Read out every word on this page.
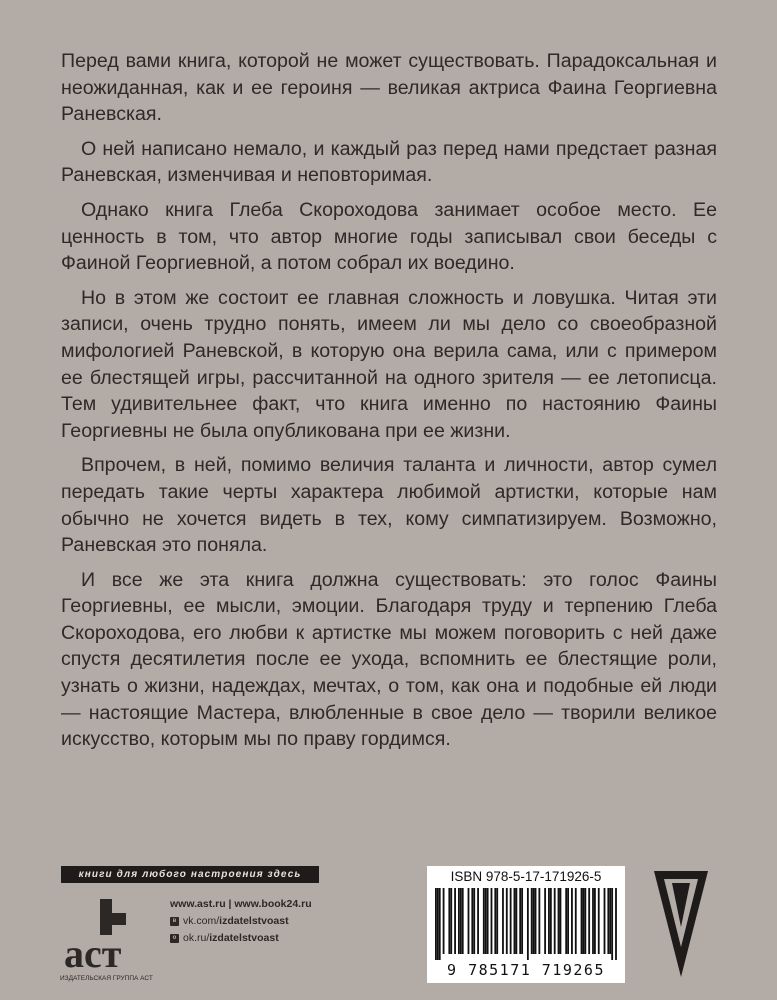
Перед вами книга, которой не может существовать. Парадоксальная и неожиданная, как и ее героиня — великая актриса Фаина Георгиевна Раневская.

О ней написано немало, и каждый раз перед нами предстает разная Раневская, изменчивая и неповторимая.

Однако книга Глеба Скороходова занимает особое место. Ее ценность в том, что автор многие годы записывал свои беседы с Фаиной Георгиевной, а потом собрал их воедино.

Но в этом же состоит ее главная сложность и ловушка. Читая эти записи, очень трудно понять, имеем ли мы дело со своеобразной мифологией Раневской, в которую она верила сама, или с примером ее блестящей игры, рассчитанной на одного зрителя — ее летописца. Тем удивительнее факт, что книга именно по настоянию Фаины Георгиевны не была опубликована при ее жизни.

Впрочем, в ней, помимо величия таланта и личности, автор сумел передать такие черты характера любимой артистки, которые нам обычно не хочется видеть в тех, кому симпатизируем. Возможно, Раневская это поняла.

И все же эта книга должна существовать: это голос Фаины Георгиевны, ее мысли, эмоции. Благодаря труду и терпению Глеба Скороходова, его любви к артистке мы можем поговорить с ней даже спустя десятилетия после ее ухода, вспомнить ее блестящие роли, узнать о жизни, надеждах, мечтах, о том, как она и подобные ей люди — настоящие Мастера, влюбленные в свое дело — творили великое искусство, которым мы по праву гордимся.

книги для любого настроения здесь
аст
ИЗДАТЕЛЬСКАЯ ГРУППА АСТ
www.ast.ru | www.book24.ru
в vk.com/ izdatelstvoast
о ok.ru/ izdatelstvoast
ISBN 978-5-17-171926-5
9 785171 719265
